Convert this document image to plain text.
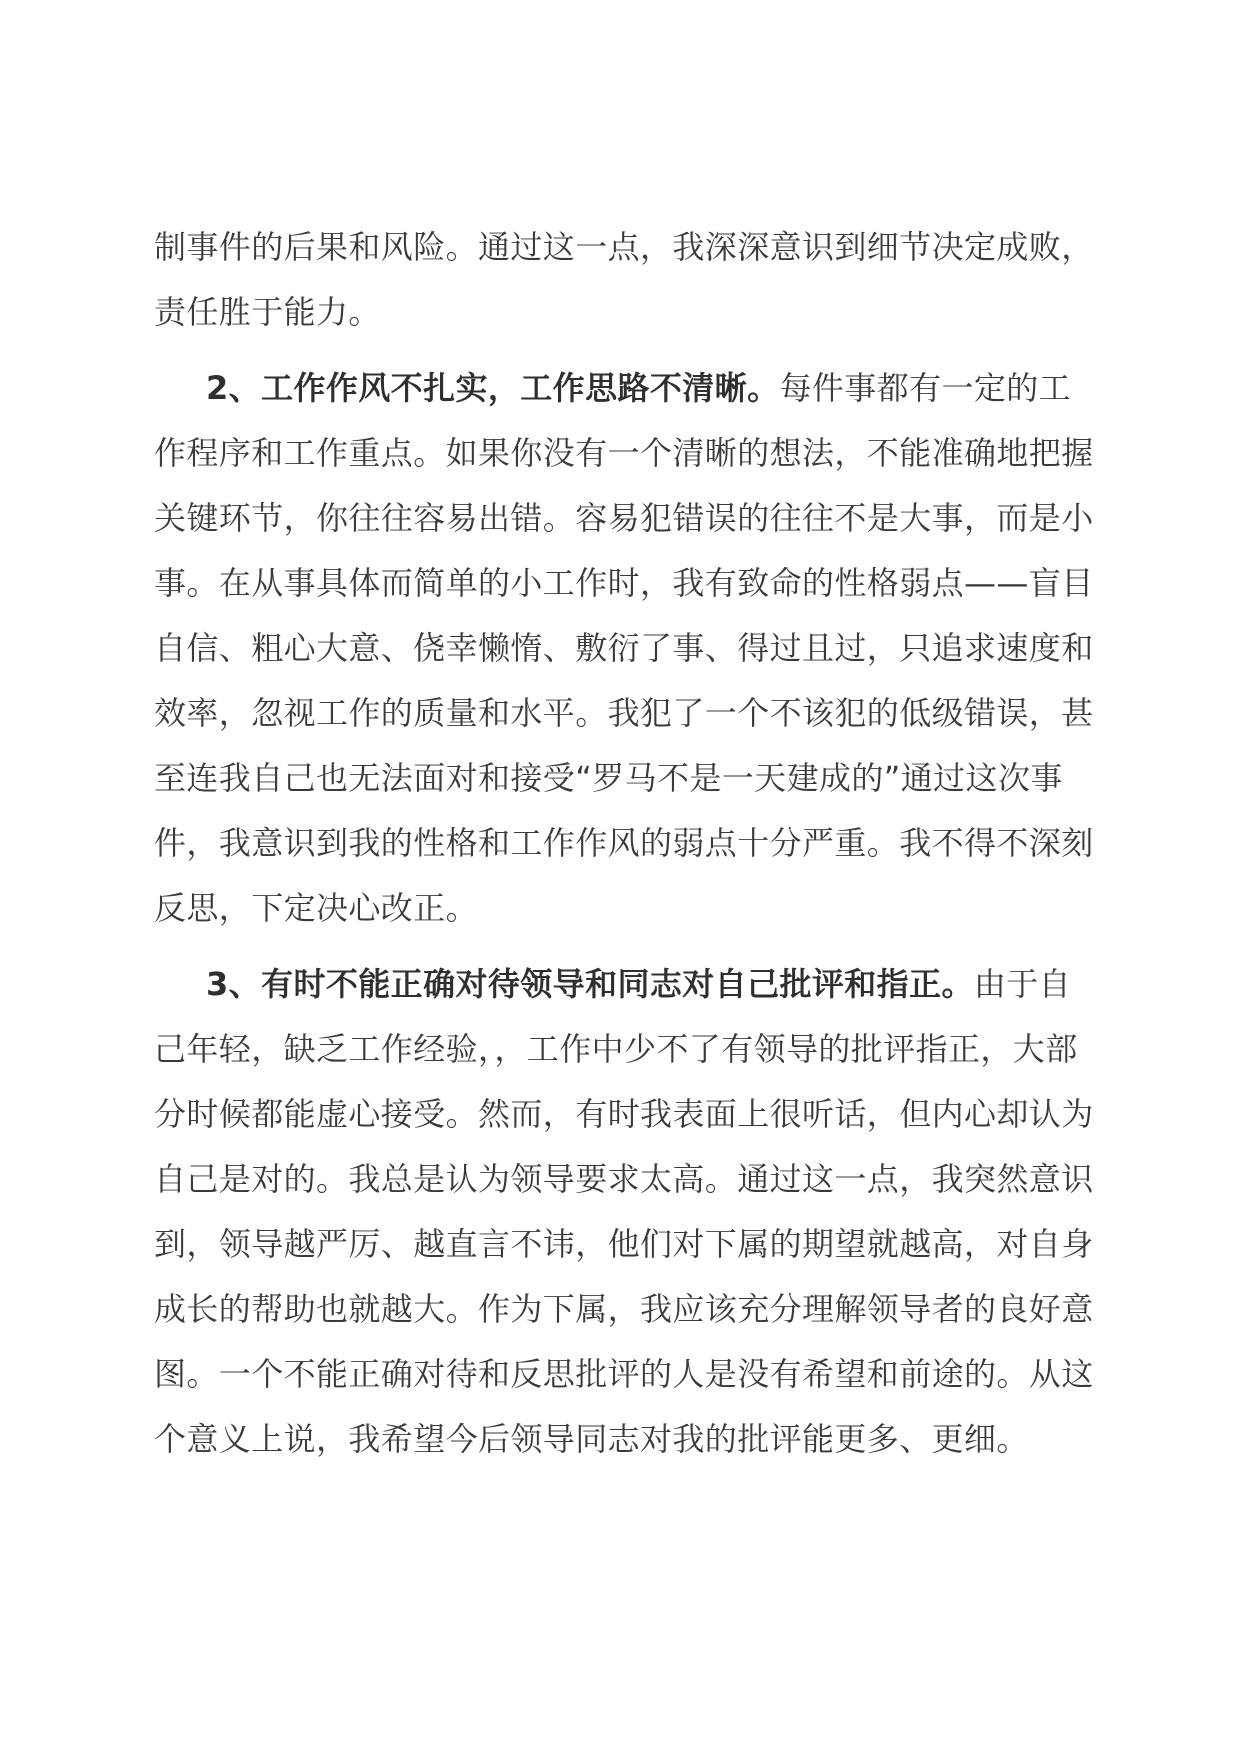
制事件的后果和风险。通过这一点，我深深意识到细节决定成败，责任胜于能力。

2、工作作风不扎实，工作思路不清晰。每件事都有一定的工作程序和工作重点。如果你没有一个清晰的想法，不能准确地把握关键环节，你往往容易出错。容易犯错误的往往不是大事，而是小事。在从事具体而简单的小工作时，我有致命的性格弱点——盲目自信、粗心大意、侥幸懒惰、敷衍了事、得过且过，只追求速度和效率，忽视工作的质量和水平。我犯了一个不该犯的低级错误，甚至连我自己也无法面对和接受“罗马不是一天建成的”通过这次事件，我意识到我的性格和工作作风的弱点十分严重。我不得不深刻反思，下定决心改正。

3、有时不能正确对待领导和同志对自己批评和指正。由于自己年轻，缺乏工作经验，，工作中少不了有领导的批评指正，大部分时候都能虚心接受。然而，有时我表面上很听话，但内心却认为自己是对的。我总是认为领导要求太高。通过这一点，我突然意识到，领导越严厉、越直言不讳，他们对下属的期望就越高，对自身成长的帮助也就越大。作为下属，我应该充分理解领导者的良好意图。一个不能正确对待和反思批评的人是没有希望和前途的。从这个意义上说，我希望今后领导同志对我的批评能更多、更细。
